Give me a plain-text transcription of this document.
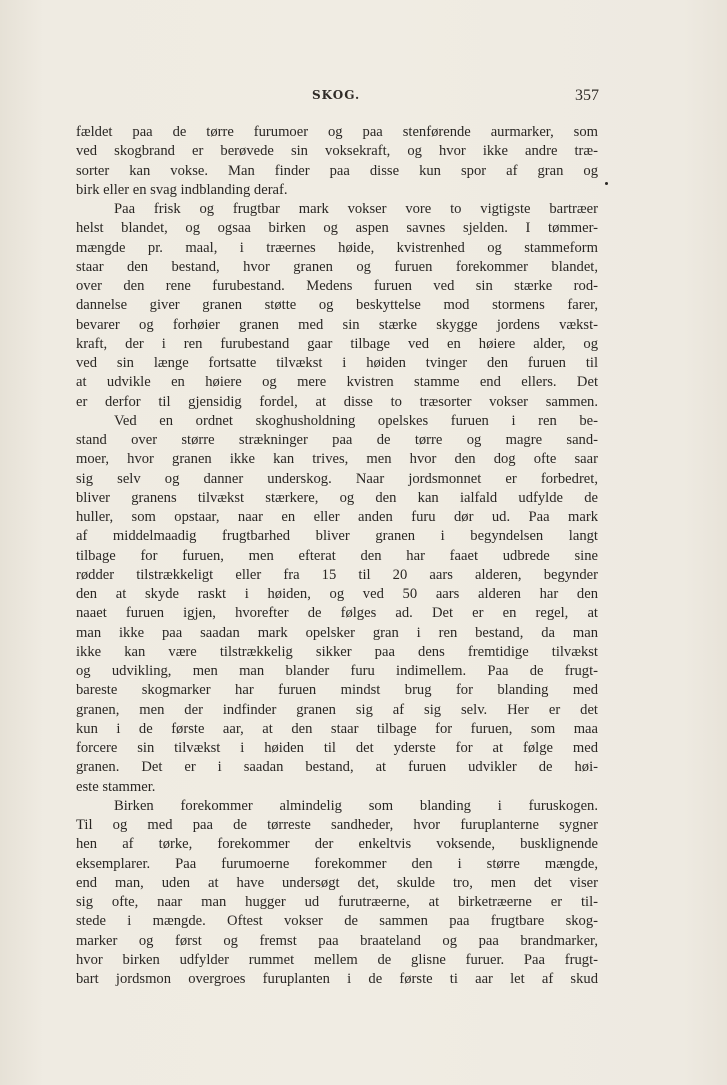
SKOG.	357
fældet paa de tørre furumoer og paa stenførende aurmarker, som
ved skogbrand er berøvede sin voksekraft, og hvor ikke andre træ-
sorter kan vokse. Man finder paa disse kun spor af gran og
birk eller en svag indblanding deraf.
Paa frisk og frugtbar mark vokser vore to vigtigste bartræer
helst blandet, og ogsaa birken og aspen savnes sjelden. I tømmer-
mængde pr. maal, i træernes høide, kvistrenhed og stammeform
staar den bestand, hvor granen og furuen forekommer blandet,
over den rene furubestand. Medens furuen ved sin stærke rod-
dannelse giver granen støtte og beskyttelse mod stormens farer,
bevarer og forhøier granen med sin stærke skygge jordens vækst-
kraft, der i ren furubestand gaar tilbage ved en høiere alder, og
ved sin længe fortsatte tilvækst i høiden tvinger den furuen til
at udvikle en høiere og mere kvistren stamme end ellers. Det
er derfor til gjensidig fordel, at disse to træsorter vokser sammen.
Ved en ordnet skoghusholdning opelskes furuen i ren be-
stand over større strækninger paa de tørre og magre sand-
moer, hvor granen ikke kan trives, men hvor den dog ofte saar
sig selv og danner underskog. Naar jordsmonnet er forbedret,
bliver granens tilvækst stærkere, og den kan ialfald udfylde de
huller, som opstaar, naar en eller anden furu dør ud. Paa mark
af middelmaadig frugtbarhed bliver granen i begyndelsen langt
tilbage for furuen, men efterat den har faaet udbrede sine
rødder tilstrækkeligt eller fra 15 til 20 aars alderen, begynder
den at skyde raskt i høiden, og ved 50 aars alderen har den
naaet furuen igjen, hvorefter de følges ad. Det er en regel, at
man ikke paa saadan mark opelsker gran i ren bestand, da man
ikke kan være tilstrækkelig sikker paa dens fremtidige tilvækst
og udvikling, men man blander furu indimellem. Paa de frugt-
bareste skogmarker har furuen mindst brug for blanding med
granen, men der indfinder granen sig af sig selv. Her er det
kun i de første aar, at den staar tilbage for furuen, som maa
forcere sin tilvækst i høiden til det yderste for at følge med
granen. Det er i saadan bestand, at furuen udvikler de høi-
este stammer.
Birken forekommer almindelig som blanding i furuskogen.
Til og med paa de tørreste sandheder, hvor furuplanterne sygner
hen af tørke, forekommer der enkeltvis voksende, busklignende
eksemplarer. Paa furumoerne forekommer den i større mængde,
end man, uden at have undersøgt det, skulde tro, men det viser
sig ofte, naar man hugger ud furutræerne, at birketræerne er til-
stede i mængde. Oftest vokser de sammen paa frugtbare skog-
marker og først og fremst paa braateland og paa brandmarker,
hvor birken udfylder rummet mellem de glisne furuer. Paa frugt-
bart jordsmon overgroes furuplanten i de første ti aar let af skud
